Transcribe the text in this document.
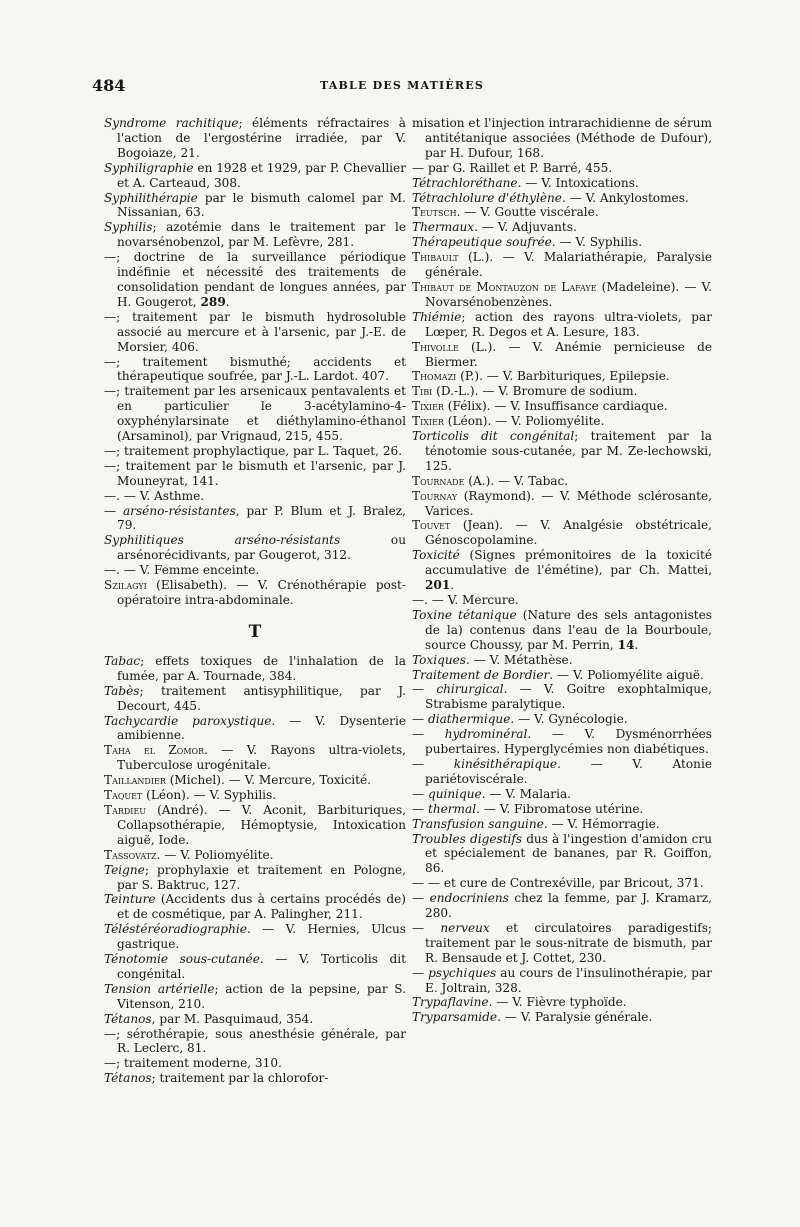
484	TABLE DES MATIÈRES

Syndrome rachitique; éléments réfractaires à l'action de l'ergostérine irradiée, par V. Bogoiaze, 21.

Syphiligraphie en 1928 et 1929, par P. Chevallier et A. Carteaud, 308.

Syphilithérapie par le bismuth calomel par M. Nissanian, 63.

Syphilis; azotémie dans le traitement par le novarsénobenzol, par M. Lefèvre, 281.

—; doctrine de la surveillance périodique indéfinie et nécessité des traitements de consolidation pendant de longues années, par H. Gougerot, 289.

—; traitement par le bismuth hydrosoluble associé au mercure et à l'arsenic, par J.-E. de Morsier, 406.

—; traitement bismuthé; accidents et thérapeutique soufrée, par J.-L. Lardot. 407.

—; traitement par les arsenicaux pentavalents et en particulier le 3-acétylamino-4-oxyphénylarsinate et diéthylamino-éthanol (Arsaminol), par Vrignaud, 215, 455.

—; traitement prophylactique, par L. Taquet, 26.

—; traitement par le bismuth et l'arsenic, par J. Mouneyrat, 141.

—. — V. Asthme.

— arséno-résistantes, par P. Blum et J. Bralez, 79.

Syphilitiques arséno-résistants ou arsénorécidivants, par Gougerot, 312.

—. — V. Femme enceinte.

Szilagyi (Elisabeth). — V. Crénothérapie post-opératoire intra-abdominale.

T

Tabac; effets toxiques de l'inhalation de la fumée, par A. Tournade, 384.

Tabès; traitement antisyphilitique, par J. Decourt, 445.

Tachycardie paroxystique. — V. Dysenterie amibienne.

Taha el Zomor. — V. Rayons ultra-violets, Tuberculose urogénitale.

Taillandier (Michel). — V. Mercure, Toxicité.

Taquet (Léon). — V. Syphilis.

Tardieu (André). — V. Aconit, Barbituriques, Collapsothérapie, Hémoptysie, Intoxication aiguë, Iode.

Tassovatz. — V. Poliomyélite.

Teigne; prophylaxie et traitement en Pologne, par S. Baktruc, 127.

Teinture (Accidents dus à certains procédés de) et de cosmétique, par A. Palingher, 211.

Téléstéréoradiographie. — V. Hernies, Ulcus gastrique.

Ténotomie sous-cutanée. — V. Torticolis dit congénital.

Tension artérielle; action de la pepsine, par S. Vitenson, 210.

Tétanos, par M. Pasquimaud, 354.

—; sérothérapie, sous anesthésie générale, par R. Leclerc, 81.

—; traitement moderne, 310.

Tétanos; traitement par la chlorofor-

misation et l'injection intrarachidienne de sérum antitétanique associées (Méthode de Dufour), par H. Dufour, 168.

— par G. Raillet et P. Barré, 455.

Tétrachloréthane. — V. Intoxications.

Tétrachlolure d'éthylène. — V. Ankylostomes.

Teutsch. — V. Goutte viscérale.

Thermaux. — V. Adjuvants.

Thérapeutique soufrée. — V. Syphilis.

Thibault (L.). — V. Malariathérapie, Paralysie générale.

Thibaut de Montauzon de Lafaye (Madeleine). — V. Novarsénobenzènes.

Thiémie; action des rayons ultra-violets, par Lœper, R. Degos et A. Lesure, 183.

Thivolle (L.). — V. Anémie pernicieuse de Biermer.

Thomazi (P.). — V. Barbituriques, Epilepsie.

Tibi (D.-L.). — V. Bromure de sodium.

Tixier (Félix). — V. Insuffisance cardiaque.

Tixier (Léon). — V. Poliomyélite.

Torticolis dit congénital; traitement par la ténotomie sous-cutanée, par M. Ze-lechowski, 125.

Tournade (A.). — V. Tabac.

Tournay (Raymond). — V. Méthode sclérosante, Varices.

Touvet (Jean). — V. Analgésie obstétricale, Génoscopolamine.

Toxicité (Signes prémonitoires de la toxicité accumulative de l'émétine), par Ch. Mattei, 201.

—. — V. Mercure.

Toxine tétanique (Nature des sels antagonistes de la) contenus dans l'eau de la Bourboule, source Choussy, par M. Perrin, 14.

Toxiques. — V. Métathèse.

Traitement de Bordier. — V. Poliomyélite aiguë.

— chirurgical. — V. Goitre exophtalmique, Strabisme paralytique.

— diathermique. — V. Gynécologie.

— hydrominéral. — V. Dysménorrhées pubertaires. Hyperglycémies non diabétiques.

— kinésithérapique. — V. Atonie pariétoviscérale.

— quinique. — V. Malaria.

— thermal. — V. Fibromatose utérine.

Transfusion sanguine. — V. Hémorragie.

Troubles digestifs dus à l'ingestion d'amidon cru et spécialement de bananes, par R. Goiffon, 86.

— — et cure de Contrexéville, par Bricout, 371.

— endocriniens chez la femme, par J. Kramarz, 280.

— nerveux et circulatoires paradigestifs; traitement par le sous-nitrate de bismuth, par R. Bensaude et J. Cottet, 230.

— psychiques au cours de l'insulinothérapie, par E. Joltrain, 328.

Trypaflavine. — V. Fièvre typhoïde.

Tryparsamide. — V. Paralysie générale.
